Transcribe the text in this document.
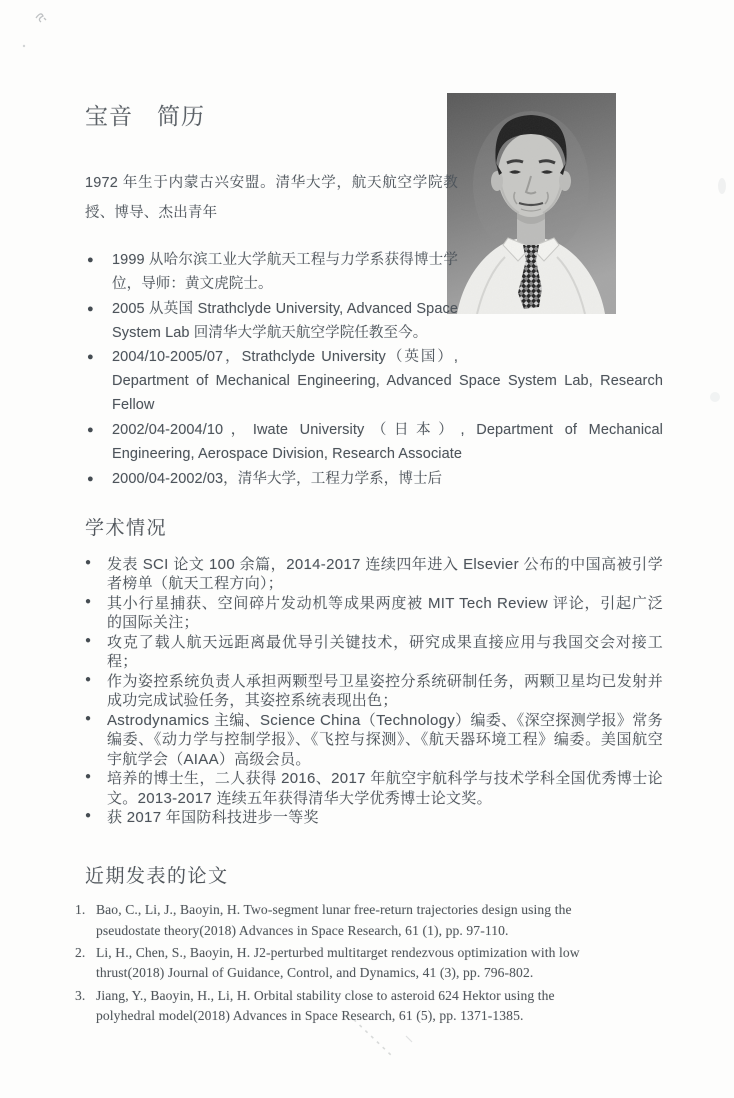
宝音　简历

1972 年生于内蒙古兴安盟。清华大学，航天航空学院教授、博导、杰出青年

● 1999 从哈尔滨工业大学航天工程与力学系获得博士学位，导师：黄文虎院士。
● 2005 从英国 Strathclyde University, Advanced Space System Lab 回清华大学航天航空学院任教至今。
● 2004/10-2005/07，Strathclyde University（英国）, Department of Mechanical Engineering, Advanced Space System Lab, Research Fellow
● 2002/04-2004/10，Iwate University（日本）, Department of Mechanical Engineering, Aerospace Division, Research Associate
● 2000/04-2002/03，清华大学，工程力学系，博士后
学术情况
● 发表 SCI 论文 100 余篇，2014-2017 连续四年进入 Elsevier 公布的中国高被引学者榜单（航天工程方向）；
● 其小行星捕获、空间碎片发动机等成果两度被 MIT Tech Review 评论，引起广泛的国际关注；
● 攻克了载人航天远距离最优导引关键技术，研究成果直接应用与我国交会对接工程；
● 作为姿控系统负责人承担两颗型号卫星姿控分系统研制任务，两颗卫星均已发射并成功完成试验任务，其姿控系统表现出色；
● Astrodynamics 主编、Science China（Technology）编委、《深空探测学报》常务编委、《动力学与控制学报》、《飞控与探测》、《航天器环境工程》编委。美国航空宇航学会（AIAA）高级会员。
● 培养的博士生，二人获得 2016、2017 年航空宇航科学与技术学科全国优秀博士论文。2013-2017 连续五年获得清华大学优秀博士论文奖。
● 获 2017 年国防科技进步一等奖
近期发表的论文
1. Bao, C., Li, J., Baoyin, H. Two-segment lunar free-return trajectories design using the pseudostate theory(2018) Advances in Space Research, 61 (1), pp. 97-110.
2. Li, H., Chen, S., Baoyin, H. J2-perturbed multitarget rendezvous optimization with low thrust(2018) Journal of Guidance, Control, and Dynamics, 41 (3), pp. 796-802.
3. Jiang, Y., Baoyin, H., Li, H. Orbital stability close to asteroid 624 Hektor using the polyhedral model(2018) Advances in Space Research, 61 (5), pp. 1371-1385.
